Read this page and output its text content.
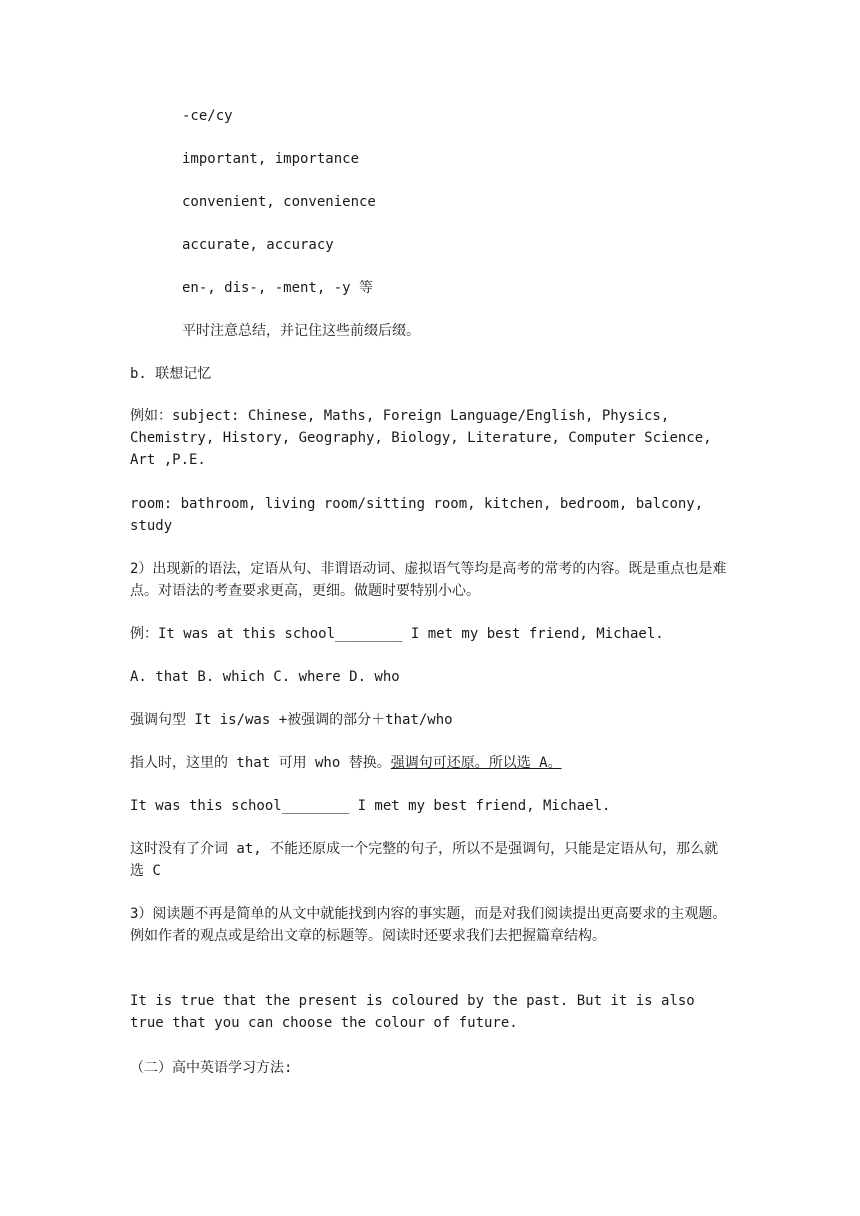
-ce/cy
important, importance
convenient, convenience
accurate, accuracy
en-, dis-, -ment, -y 等
平时注意总结，并记住这些前缀后缀。
b. 联想记忆
例如：subject: Chinese, Maths, Foreign Language/English, Physics, Chemistry, History, Geography, Biology, Literature, Computer Science, Art ,P.E.
room: bathroom, living room/sitting room, kitchen, bedroom, balcony, study
2）出现新的语法，定语从句、非谓语动词、虚拟语气等均是高考的常考的内容。既是重点也是难点。对语法的考查要求更高，更细。做题时要特别小心。
例：It was at this school________ I met my best friend, Michael.
A. that B. which C. where D. who
强调句型 It is/was +被强调的部分＋that/who
指人时，这里的 that 可用 who 替换。强调句可还原。所以选 A。
It was this school________ I met my best friend, Michael.
这时没有了介词 at, 不能还原成一个完整的句子，所以不是强调句，只能是定语从句，那么就选 C
3）阅读题不再是简单的从文中就能找到内容的事实题，而是对我们阅读提出更高要求的主观题。例如作者的观点或是给出文章的标题等。阅读时还要求我们去把握篇章结构。
It is true that the present is coloured by the past. But it is also true that you can choose the colour of future.
（二）高中英语学习方法:
